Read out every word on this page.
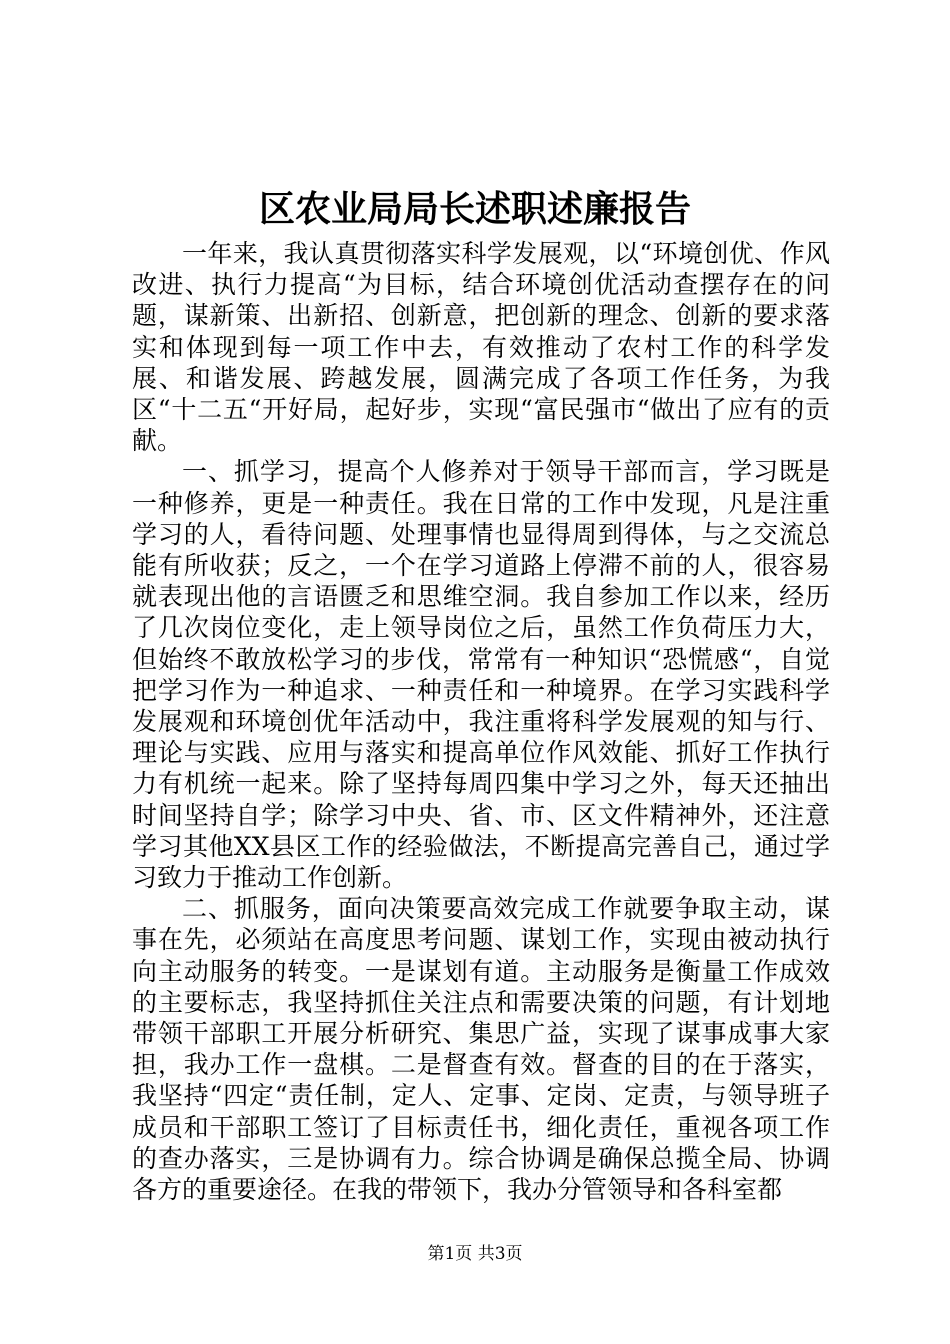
区农业局局长述职述廉报告

一年来，我认真贯彻落实科学发展观，以“环境创优、作风改进、执行力提高“为目标，结合环境创优活动查摆存在的问题，谋新策、出新招、创新意，把创新的理念、创新的要求落实和体现到每一项工作中去，有效推动了农村工作的科学发展、和谐发展、跨越发展，圆满完成了各项工作任务，为我区“十二五“开好局，起好步，实现“富民强市“做出了应有的贡献。

一、抓学习，提高个人修养对于领导干部而言，学习既是一种修养，更是一种责任。我在日常的工作中发现，凡是注重学习的人，看待问题、处理事情也显得周到得体，与之交流总能有所收获；反之，一个在学习道路上停滞不前的人，很容易就表现出他的言语匮乏和思维空洞。我自参加工作以来，经历了几次岗位变化，走上领导岗位之后，虽然工作负荷压力大，但始终不敢放松学习的步伐，常常有一种知识“恐慌感“，自觉把学习作为一种追求、一种责任和一种境界。在学习实践科学发展观和环境创优年活动中，我注重将科学发展观的知与行、理论与实践、应用与落实和提高单位作风效能、抓好工作执行力有机统一起来。除了坚持每周四集中学习之外，每天还抽出时间坚持自学；除学习中央、省、市、区文件精神外，还注意学习其他XX县区工作的经验做法，不断提高完善自己，通过学习致力于推动工作创新。

二、抓服务，面向决策要高效完成工作就要争取主动，谋事在先，必须站在高度思考问题、谋划工作，实现由被动执行向主动服务的转变。一是谋划有道。主动服务是衡量工作成效的主要标志，我坚持抓住关注点和需要决策的问题，有计划地带领干部职工开展分析研究、集思广益，实现了谋事成事大家担，我办工作一盘棋。二是督查有效。督查的目的在于落实，我坚持“四定“责任制，定人、定事、定岗、定责，与领导班子成员和干部职工签订了目标责任书，细化责任，重视各项工作的查办落实，三是协调有力。综合协调是确保总揽全局、协调各方的重要途径。在我的带领下，我办分管领导和各科室都

第1页 共3页
